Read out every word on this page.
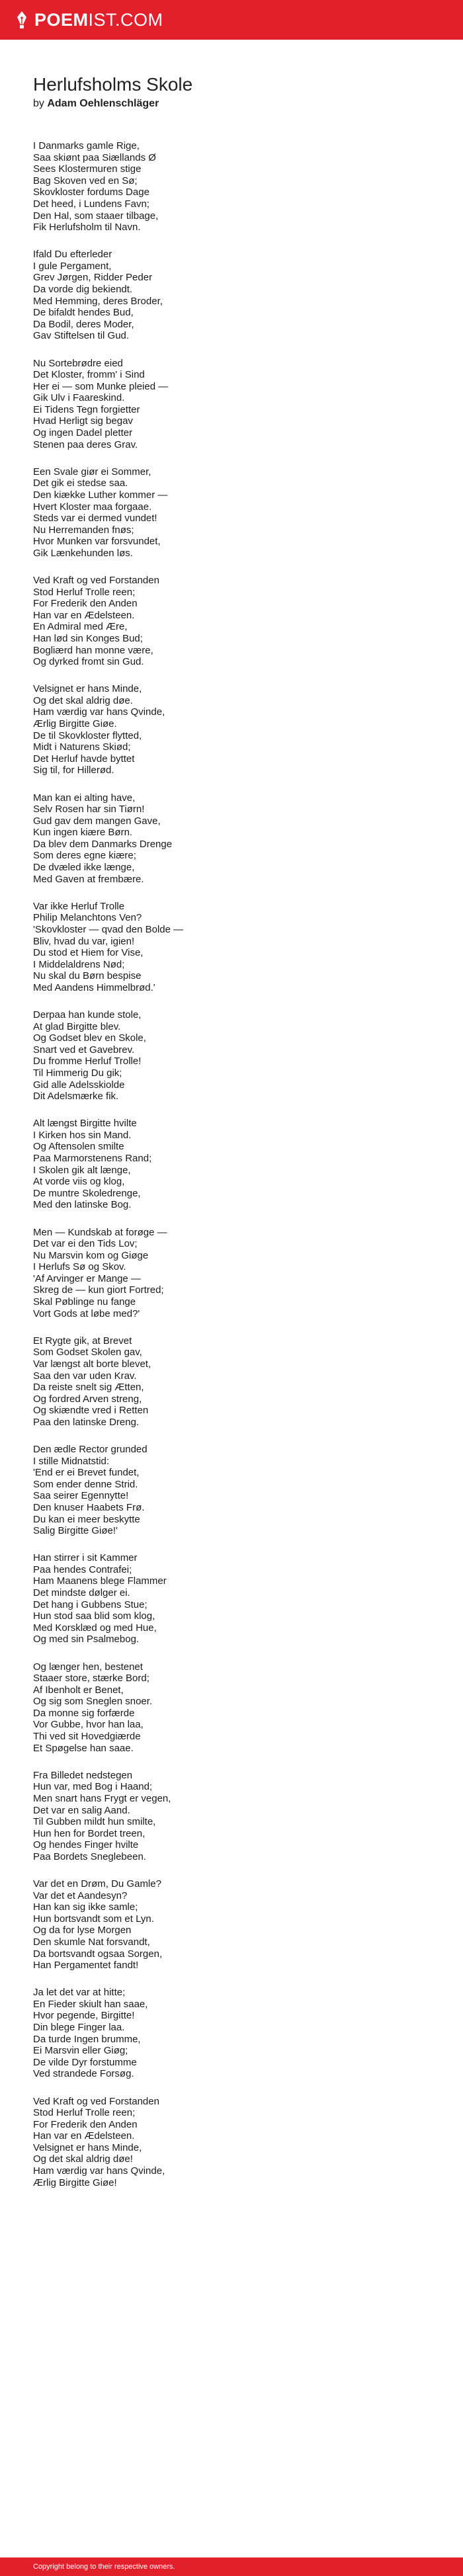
POEMIST.COM
Herlufsholms Skole
by Adam Oehlenschläger
I Danmarks gamle Rige,
Saa skiønt paa Siællands Ø
Sees Klostermuren stige
Bag Skoven ved en Sø;
Skovkloster fordums Dage
Det heed, i Lundens Favn;
Den Hal, som staaer tilbage,
Fik Herlufsholm til Navn.
Ifald Du efterleder
I gule Pergament,
Grev Jørgen, Ridder Peder
Da vorde dig bekiendt.
Med Hemming, deres Broder,
De bifaldt hendes Bud,
Da Bodil, deres Moder,
Gav Stiftelsen til Gud.
Nu Sortebrødre eied
Det Kloster, fromm' i Sind
Her ei — som Munke pleied —
Gik Ulv i Faareskind.
Ei Tidens Tegn forgietter
Hvad Herligt sig begav
Og ingen Dadel pletter
Stenen paa deres Grav.
Een Svale giør ei Sommer,
Det gik ei stedse saa.
Den kiække Luther kommer —
Hvert Kloster maa forgaae.
Steds var ei dermed vundet!
Nu Herremanden fnøs;
Hvor Munken var forsvundet,
Gik Lænkehunden løs.
Ved Kraft og ved Forstanden
Stod Herluf Trolle reen;
For Frederik den Anden
Han var en Ædelsteen.
En Admiral med Ære,
Han lød sin Konges Bud;
Bogliærd han monne være,
Og dyrked fromt sin Gud.
Velsignet er hans Minde,
Og det skal aldrig døe.
Ham værdig var hans Qvinde,
Ærlig Birgitte Giøe.
De til Skovkloster flytted,
Midt i Naturens Skiød;
Det Herluf havde byttet
Sig til, for Hillerød.
Man kan ei alting have,
Selv Rosen har sin Tiørn!
Gud gav dem mangen Gave,
Kun ingen kiære Børn.
Da blev dem Danmarks Drenge
Som deres egne kiære;
De dvæled ikke længe,
Med Gaven at frembære.
Var ikke Herluf Trolle
Philip Melanchtons Ven?
'Skovkloster — qvad den Bolde —
Bliv, hvad du var, igien!
Du stod et Hiem for Vise,
I Middelaldrens Nød;
Nu skal du Børn bespise
Med Aandens Himmelbrød.'
Derpaa han kunde stole,
At glad Birgitte blev.
Og Godset blev en Skole,
Snart ved et Gavebrev.
Du fromme Herluf Trolle!
Til Himmerig Du gik;
Gid alle Adelsskiolde
Dit Adelsmærke fik.
Alt længst Birgitte hvilte
I Kirken hos sin Mand.
Og Aftensolen smilte
Paa Marmorstenens Rand;
I Skolen gik alt længe,
At vorde viis og klog,
De muntre Skoledrenge,
Med den latinske Bog.
Men — Kundskab at forøge —
Det var ei den Tids Lov;
Nu Marsvin kom og Giøge
I Herlufs Sø og Skov.
'Af Arvinger er Mange —
Skreg de — kun giort Fortred;
Skal Pøblinge nu fange
Vort Gods at løbe med?'
Et Rygte gik, at Brevet
Som Godset Skolen gav,
Var længst alt borte blevet,
Saa den var uden Krav.
Da reiste snelt sig Ætten,
Og fordred Arven streng,
Og skiændte vred i Retten
Paa den latinske Dreng.
Den ædle Rector grunded
I stille Midnatstid:
'End er ei Brevet fundet,
Som ender denne Strid.
Saa seirer Egennytte!
Den knuser Haabets Frø.
Du kan ei meer beskytte
Salig Birgitte Giøe!'
Han stirrer i sit Kammer
Paa hendes Contrafei;
Ham Maanens blege Flammer
Det mindste dølger ei.
Det hang i Gubbens Stue;
Hun stod saa blid som klog,
Med Korsklæd og med Hue,
Og med sin Psalmebog.
Og længer hen, bestenet
Staaer store, stærke Bord;
Af Ibenholt er Benet,
Og sig som Sneglen snoer.
Da monne sig forfærde
Vor Gubbe, hvor han laa,
Thi ved sit Hovedgiærde
Et Spøgelse han saae.
Fra Billedet nedstegen
Hun var, med Bog i Haand;
Men snart hans Frygt er vegen,
Det var en salig Aand.
Til Gubben mildt hun smilte,
Hun hen for Bordet treen,
Og hendes Finger hvilte
Paa Bordets Sneglebeen.
Var det en Drøm, Du Gamle?
Var det et Aandesyn?
Han kan sig ikke samle;
Hun bortsvandt som et Lyn.
Og da for lyse Morgen
Den skumle Nat forsvandt,
Da bortsvandt ogsaa Sorgen,
Han Pergamentet fandt!
Ja let det var at hitte;
En Fieder skiult han saae,
Hvor pegende, Birgitte!
Din blege Finger laa.
Da turde Ingen brumme,
Ei Marsvin eller Giøg;
De vilde Dyr forstumme
Ved strandede Forsøg.
Ved Kraft og ved Forstanden
Stod Herluf Trolle reen;
For Frederik den Anden
Han var en Ædelsteen.
Velsignet er hans Minde,
Og det skal aldrig døe!
Ham værdig var hans Qvinde,
Ærlig Birgitte Giøe!
Copyright belong to their respective owners.
